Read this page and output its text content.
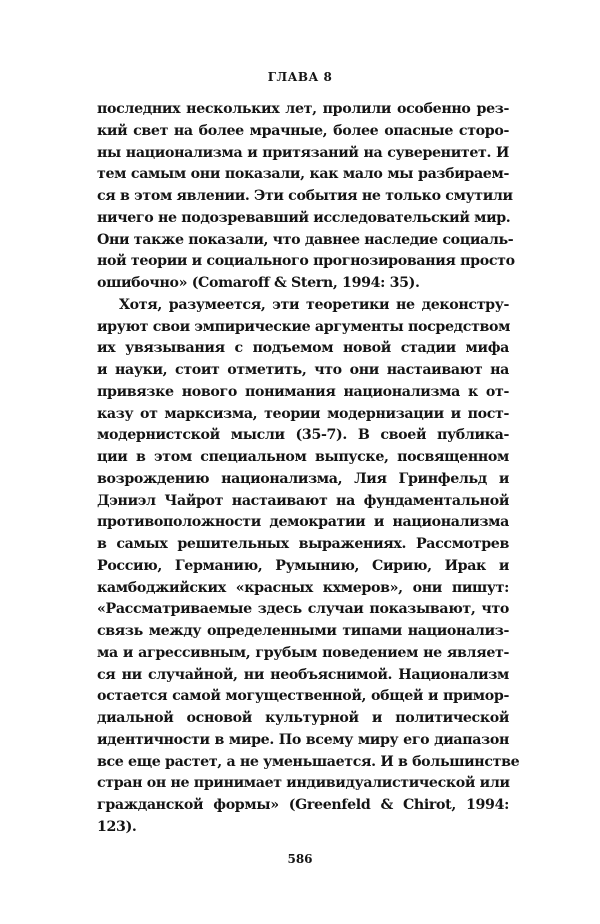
ГЛАВА 8
последних нескольких лет, пролили особенно рез-
кий свет на более мрачные, более опасные сторо-
ны национализма и притязаний на суверенитет. И
тем самым они показали, как мало мы разбираем-
ся в этом явлении. Эти события не только смутили
ничего не подозревавший исследовательский мир.
Они также показали, что давнее наследие социаль-
ной теории и социального прогнозирования просто
ошибочно» (Comaroff & Stern, 1994: 35).
Хотя, разумеется, эти теоретики не деконстру-
ируют свои эмпирические аргументы посредством
их увязывания с подъемом новой стадии мифа
и науки, стоит отметить, что они настаивают на
привязке нового понимания национализма к от-
казу от марксизма, теории модернизации и пост-
модернистской мысли (35-7). В своей публика-
ции в этом специальном выпуске, посвященном
возрождению национализма, Лия Гринфельд и
Дэниэл Чайрот настаивают на фундаментальной
противоположности демократии и национализма
в самых решительных выражениях. Рассмотрев
Россию, Германию, Румынию, Сирию, Ирак и
камбоджийских «красных кхмеров», они пишут:
«Рассматриваемые здесь случаи показывают, что
связь между определенными типами национализ-
ма и агрессивным, грубым поведением не являет-
ся ни случайной, ни необъяснимой. Национализм
остается самой могущественной, общей и примор-
диальной основой культурной и политической
идентичности в мире. По всему миру его диапазон
все еще растет, а не уменьшается. И в большинстве
стран он не принимает индивидуалистической или
гражданской формы» (Greenfeld & Chirot, 1994:
123).
586
